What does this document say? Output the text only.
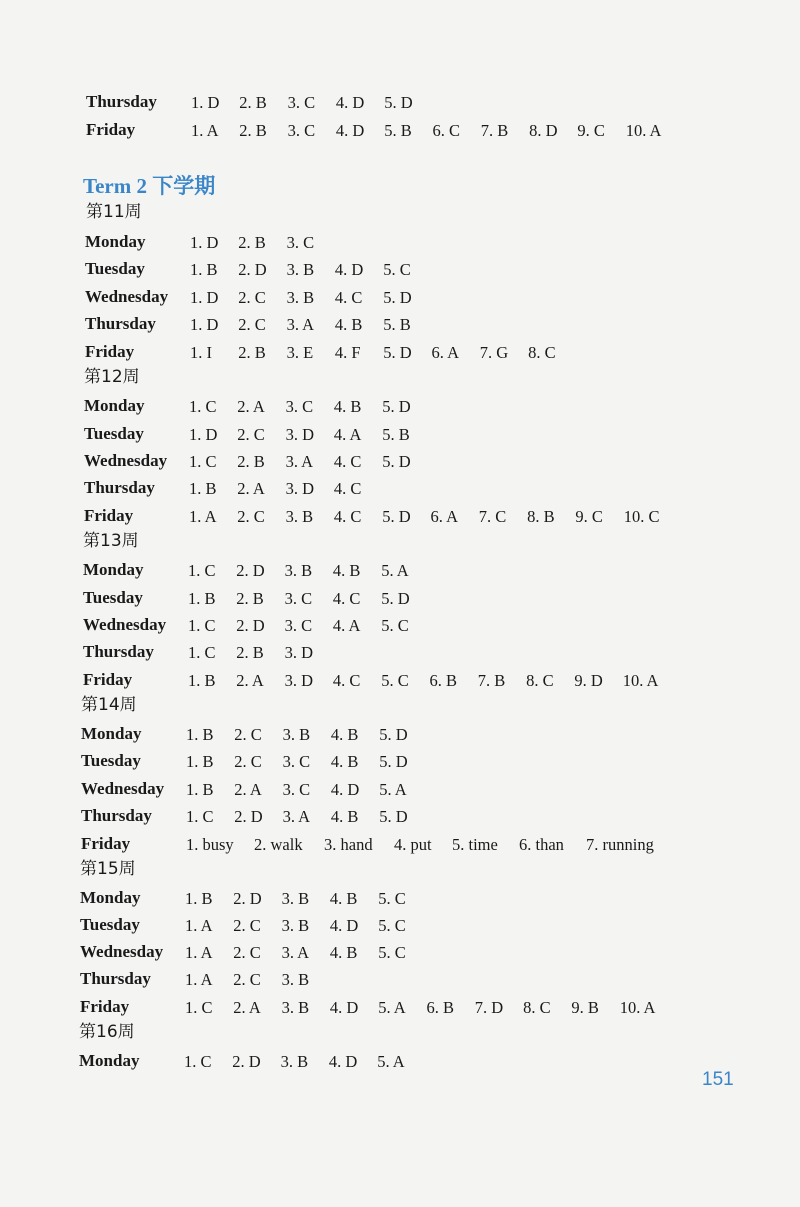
Term 2 下学期
151
Thursday 1. D 2. B 3. C 4. D 5. D
Friday	1. A 2. B 3. C 4. D 5. B 6. C 7. B 8. D 9. C 10. A
第11周
Monday	1. D 2. B 3. C
Tuesday	1. B 2. D 3. B 4. D 5. C
Wednesday 1. D 2. C 3. B 4. C 5. D
Thursday 1. D 2. C 3. A 4. B 5. B
Friday	1. I 2. B 3. E 4. F 5. D 6. A 7. G 8. C
第12周
Monday	1. C 2. A 3. C 4. B 5. D
Tuesday	1. D 2. C 3. D 4. A 5. B
Wednesday 1. C 2. B 3. A 4. C 5. D
Thursday 1. B 2. A 3. D 4. C
Friday	1. A 2. C 3. B 4. C 5. D 6. A 7. C 8. B 9. C 10. C
第13周
Monday	1. C 2. D 3. B 4. B 5. A
Tuesday	1. B 2. B 3. C 4. C 5. D
Wednesday 1. C 2. D 3. C 4. A 5. C
Thursday 1. C 2. B 3. D
Friday	1. B 2. A 3. D 4. C 5. C 6. B 7. B 8. C 9. D 10. A
第14周
Monday	1. B 2. C 3. B 4. B 5. D
Tuesday	1. B 2. C 3. C 4. B 5. D
Wednesday 1. B 2. A 3. C 4. D 5. A
Thursday 1. C 2. D 3. A 4. B 5. D
Friday	1. busy 2. walk 3. hand 4. put 5. time 6. than 7. running
第15周
Monday	1. B 2. D 3. B 4. B 5. C
Tuesday	1. A 2. C 3. B 4. D 5. C
Wednesday 1. A 2. C 3. A 4. B 5. C
Thursday 1. A 2. C 3. B
Friday	1. C 2. A 3. B 4. D 5. A 6. B 7. D 8. C 9. B 10. A
第16周
Monday	1. C 2. D 3. B 4. D 5. A
